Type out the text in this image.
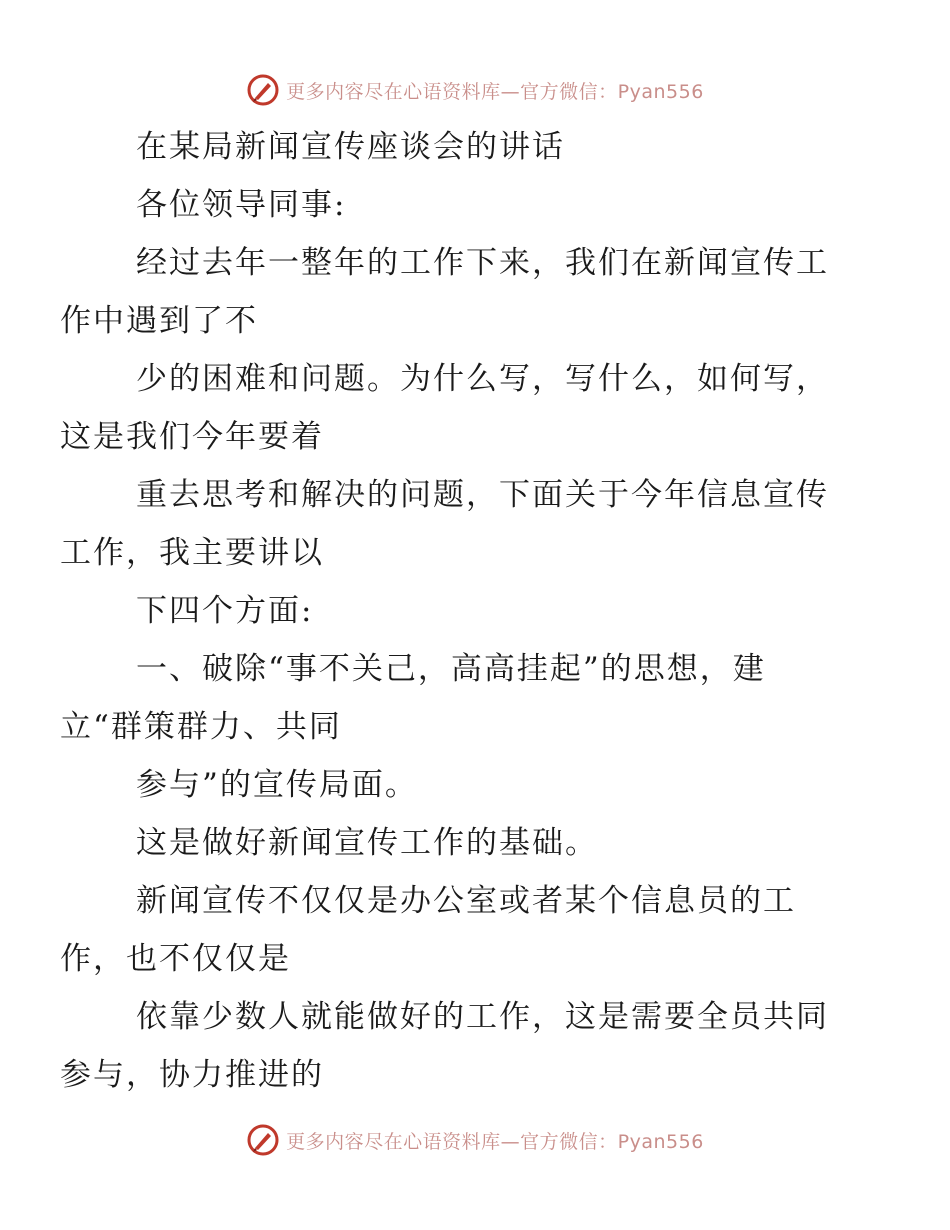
更多内容尽在心语资料库—官方微信：Pyan556

在某局新闻宣传座谈会的讲话

各位领导同事:

经过去年一整年的工作下来，我们在新闻宣传工
作中遇到了不

少的困难和问题。为什么写，写什么，如何写，
这是我们今年要着

重去思考和解决的问题，下面关于今年信息宣传
工作，我主要讲以

下四个方面:

一、破除“事不关己，高高挂起”的思想，建
立“群策群力、共同

参与”的宣传局面。

这是做好新闻宣传工作的基础。

新闻宣传不仅仅是办公室或者某个信息员的工
作，也不仅仅是

依靠少数人就能做好的工作，这是需要全员共同
参与，协力推进的

更多内容尽在心语资料库—官方微信：Pyan556
